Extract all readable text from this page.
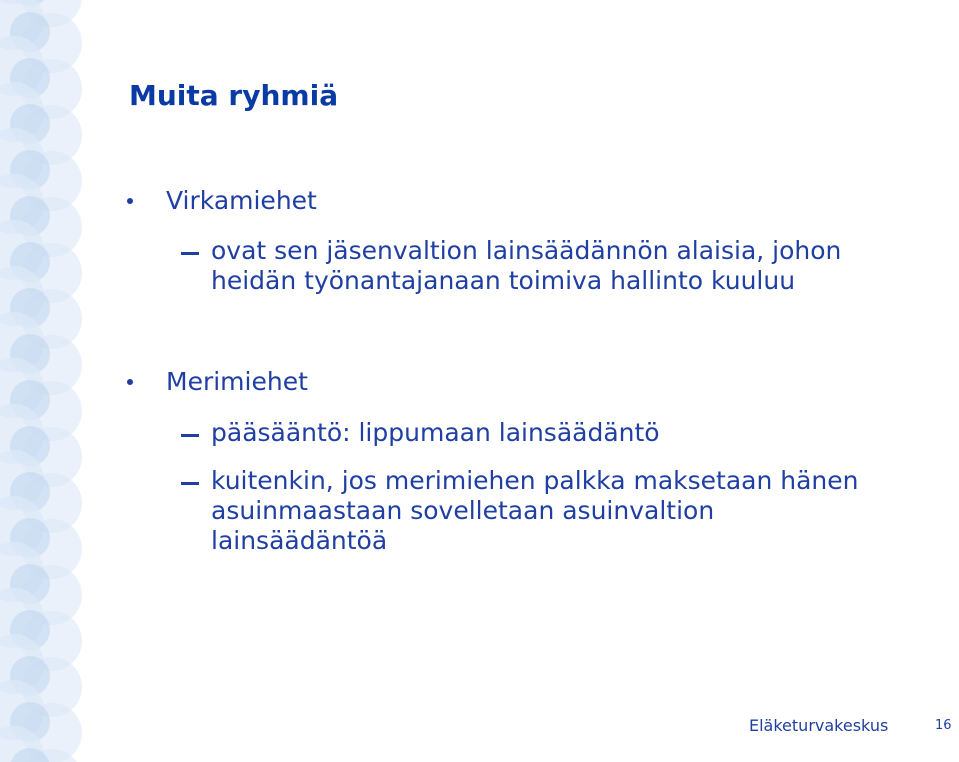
Muita ryhmiä
Virkamiehet
ovat sen jäsenvaltion lainsäädännön alaisia, johon
heidän työnantajanaan toimiva hallinto kuuluu
Merimiehet
pääsääntö: lippumaan lainsäädäntö
kuitenkin, jos merimiehen palkka maksetaan hänen
asuinmaastaan sovelletaan asuinvaltion
lainsäädäntöä
Eläketurvakeskus	16
